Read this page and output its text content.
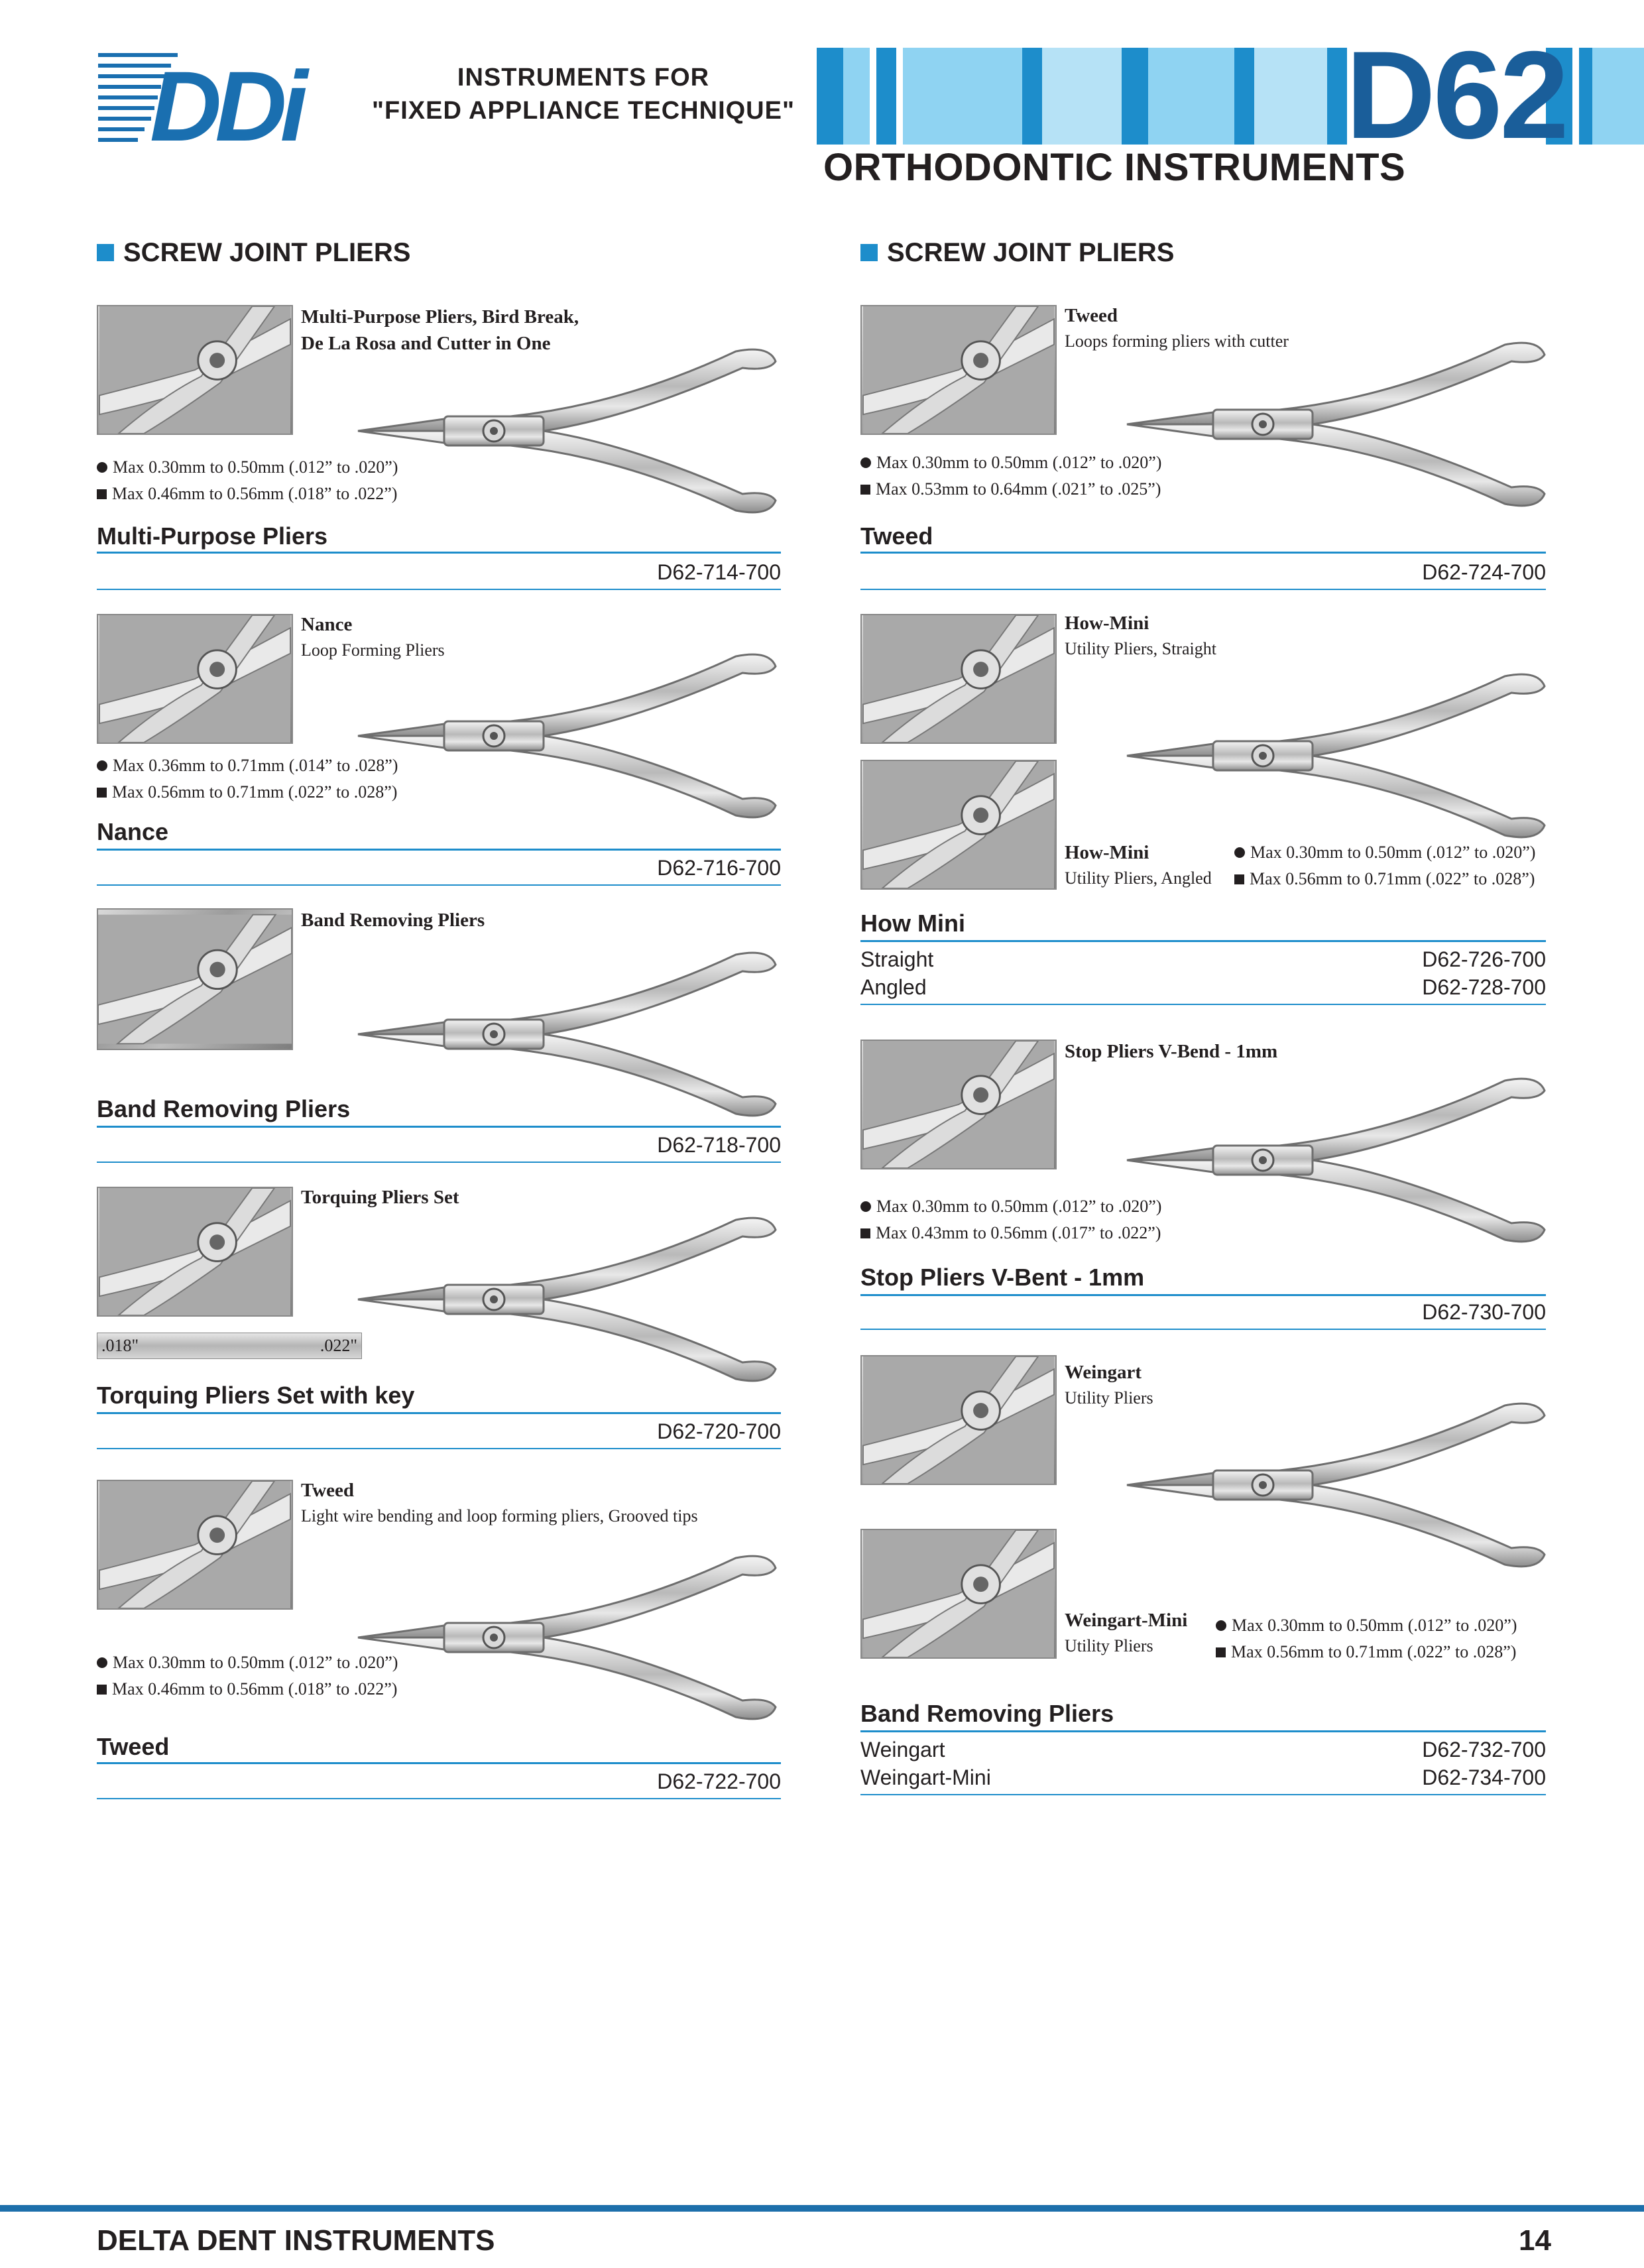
DDi	INSTRUMENTS FOR
"FIXED APPLIANCE TECHNIQUE"	D62
ORTHODONTIC INSTRUMENTS
SCREW JOINT PLIERS
Multi-Purpose Pliers, Bird Break,
De La Rosa and Cutter in One
Max 0.30mm to 0.50mm (.012” to .020”)
Max 0.46mm to 0.56mm (.018” to .022”)
Multi-Purpose Pliers
D62-714-700
Nance
Loop Forming Pliers
Max 0.36mm to 0.71mm (.014” to .028”)
Max 0.56mm to 0.71mm (.022” to .028”)
Nance
D62-716-700
Band Removing Pliers
Band Removing Pliers
D62-718-700
Torquing Pliers Set
.018"	.022"
Torquing Pliers Set with key
D62-720-700
Tweed
Light wire bending and loop forming pliers, Grooved tips
Max 0.30mm to 0.50mm (.012” to .020”)
Max 0.46mm to 0.56mm (.018” to .022”)
Tweed
D62-722-700
SCREW JOINT PLIERS
Tweed
Loops forming pliers with cutter
Max 0.30mm to 0.50mm (.012” to .020”)
Max 0.53mm to 0.64mm (.021” to .025”)
Tweed
D62-724-700
How-Mini
Utility Pliers, Straight
How-Mini
Utility Pliers, Angled
Max 0.30mm to 0.50mm (.012” to .020”)
Max 0.56mm to 0.71mm (.022” to .028”)
How Mini
Straight	D62-726-700
Angled	D62-728-700
Stop Pliers V-Bend - 1mm
Max 0.30mm to 0.50mm (.012” to .020”)
Max 0.43mm to 0.56mm (.017” to .022”)
Stop Pliers V-Bent - 1mm
D62-730-700
Weingart
Utility Pliers
Weingart-Mini
Utility Pliers
Max 0.30mm to 0.50mm (.012” to .020”)
Max 0.56mm to 0.71mm (.022” to .028”)
Band Removing Pliers
Weingart	D62-732-700
Weingart-Mini	D62-734-700
DELTA DENT INSTRUMENTS	14
